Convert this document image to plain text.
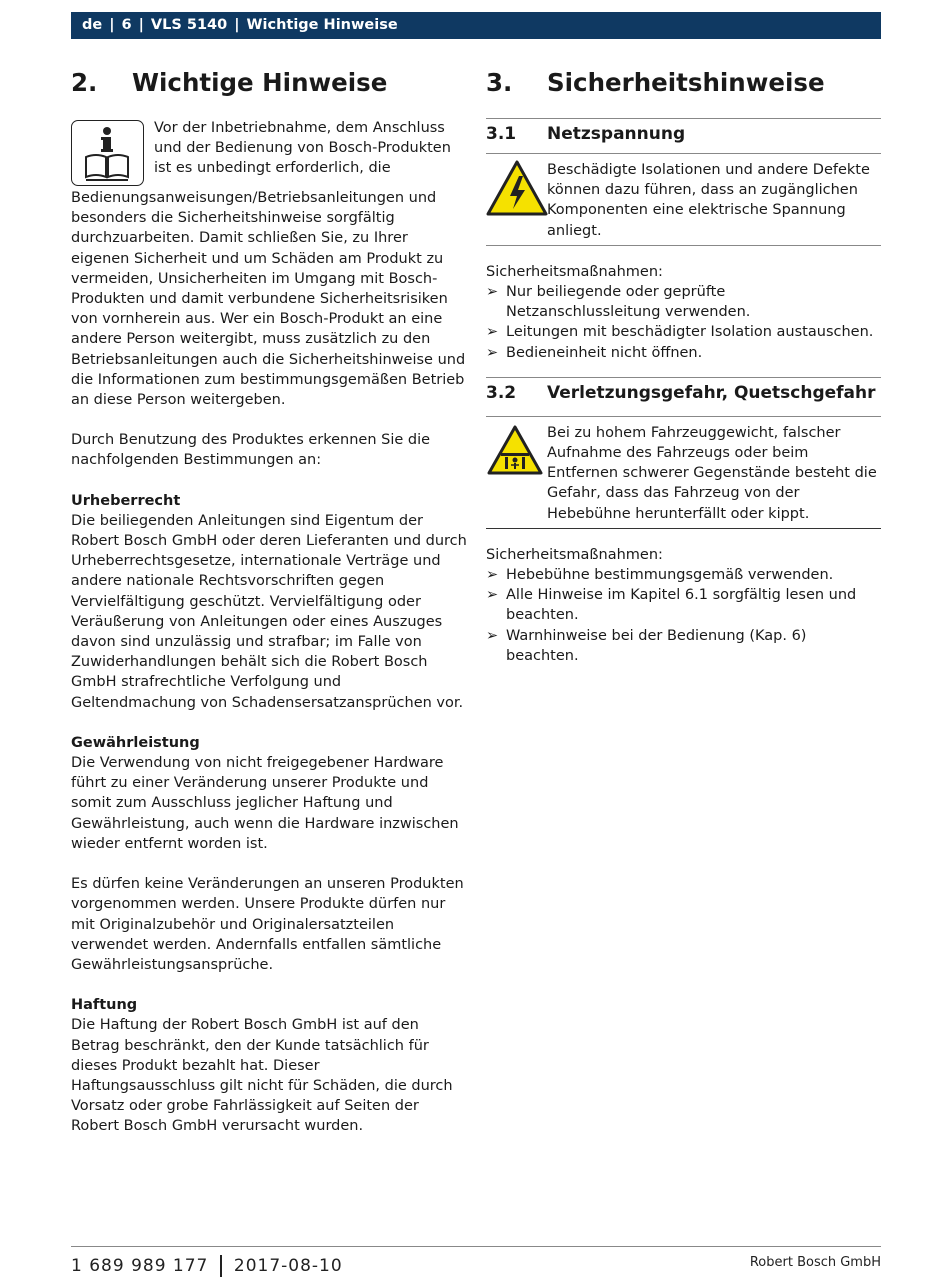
de | 6 | VLS 5140 | Wichtige Hinweise
2. Wichtige Hinweise

Vor der Inbetriebnahme, dem Anschluss und der Bedienung von Bosch-Produkten ist es unbedingt erforderlich, die Bedienungsanweisungen/Betriebsanleitungen und besonders die Sicherheitshinweise sorgfältig durchzuarbeiten. Damit schließen Sie, zu Ihrer eigenen Sicherheit und um Schäden am Produkt zu vermeiden, Unsicherheiten im Umgang mit Bosch-Produkten und damit verbundene Sicherheitsrisiken von vornherein aus. Wer ein Bosch-Produkt an eine andere Person weitergibt, muss zusätzlich zu den Betriebsanleitungen auch die Sicherheitshinweise und die Informationen zum bestimmungsgemäßen Betrieb an diese Person weitergeben.

Durch Benutzung des Produktes erkennen Sie die nachfolgenden Bestimmungen an:

Urheberrecht

Die beiliegenden Anleitungen sind Eigentum der Robert Bosch GmbH oder deren Lieferanten und durch Urheberrechtsgesetze, internationale Verträge und andere nationale Rechtsvorschriften gegen Vervielfältigung geschützt. Vervielfältigung oder Veräußerung von Anleitungen oder eines Auszuges davon sind unzulässig und strafbar; im Falle von Zuwiderhandlungen behält sich die Robert Bosch GmbH strafrechtliche Verfolgung und Geltendmachung von Schadensersatzansprüchen vor.

Gewährleistung

Die Verwendung von nicht freigegebener Hardware führt zu einer Veränderung unserer Produkte und somit zum Ausschluss jeglicher Haftung und Gewährleistung, auch wenn die Hardware inzwischen wieder entfernt worden ist.

Es dürfen keine Veränderungen an unseren Produkten vorgenommen werden. Unsere Produkte dürfen nur mit Originalzubehör und Originalersatzteilen verwendet werden. Andernfalls entfallen sämtliche Gewährleistungsansprüche.

Haftung

Die Haftung der Robert Bosch GmbH ist auf den Betrag beschränkt, den der Kunde tatsächlich für dieses Produkt bezahlt hat. Dieser Haftungsausschluss gilt nicht für Schäden, die durch Vorsatz oder grobe Fahrlässigkeit auf Seiten der Robert Bosch GmbH verursacht wurden.

3. Sicherheitshinweise
3.1 Netzspannung
Beschädigte Isolationen und andere Defekte können dazu führen, dass an zugänglichen Komponenten eine elektrische Spannung anliegt.

Sicherheitsmaßnahmen:

➢ Nur beiliegende oder geprüfte Netzanschlussleitung verwenden.
➢ Leitungen mit beschädigter Isolation austauschen.
➢ Bedieneinheit nicht öffnen.
3.2 Verletzungsgefahr, Quetschgefahr
Bei zu hohem Fahrzeuggewicht, falscher Aufnahme des Fahrzeugs oder beim Entfernen schwerer Gegenstände besteht die Gefahr, dass das Fahrzeug von der Hebebühne herunterfällt oder kippt.

Sicherheitsmaßnahmen:

➢ Hebebühne bestimmungsgemäß verwenden.
➢ Alle Hinweise im Kapitel 6.1 sorgfältig lesen und beachten.
➢ Warnhinweise bei der Bedienung (Kap. 6) beachten.
1 689 989 177 2017-08-10	Robert Bosch GmbH
